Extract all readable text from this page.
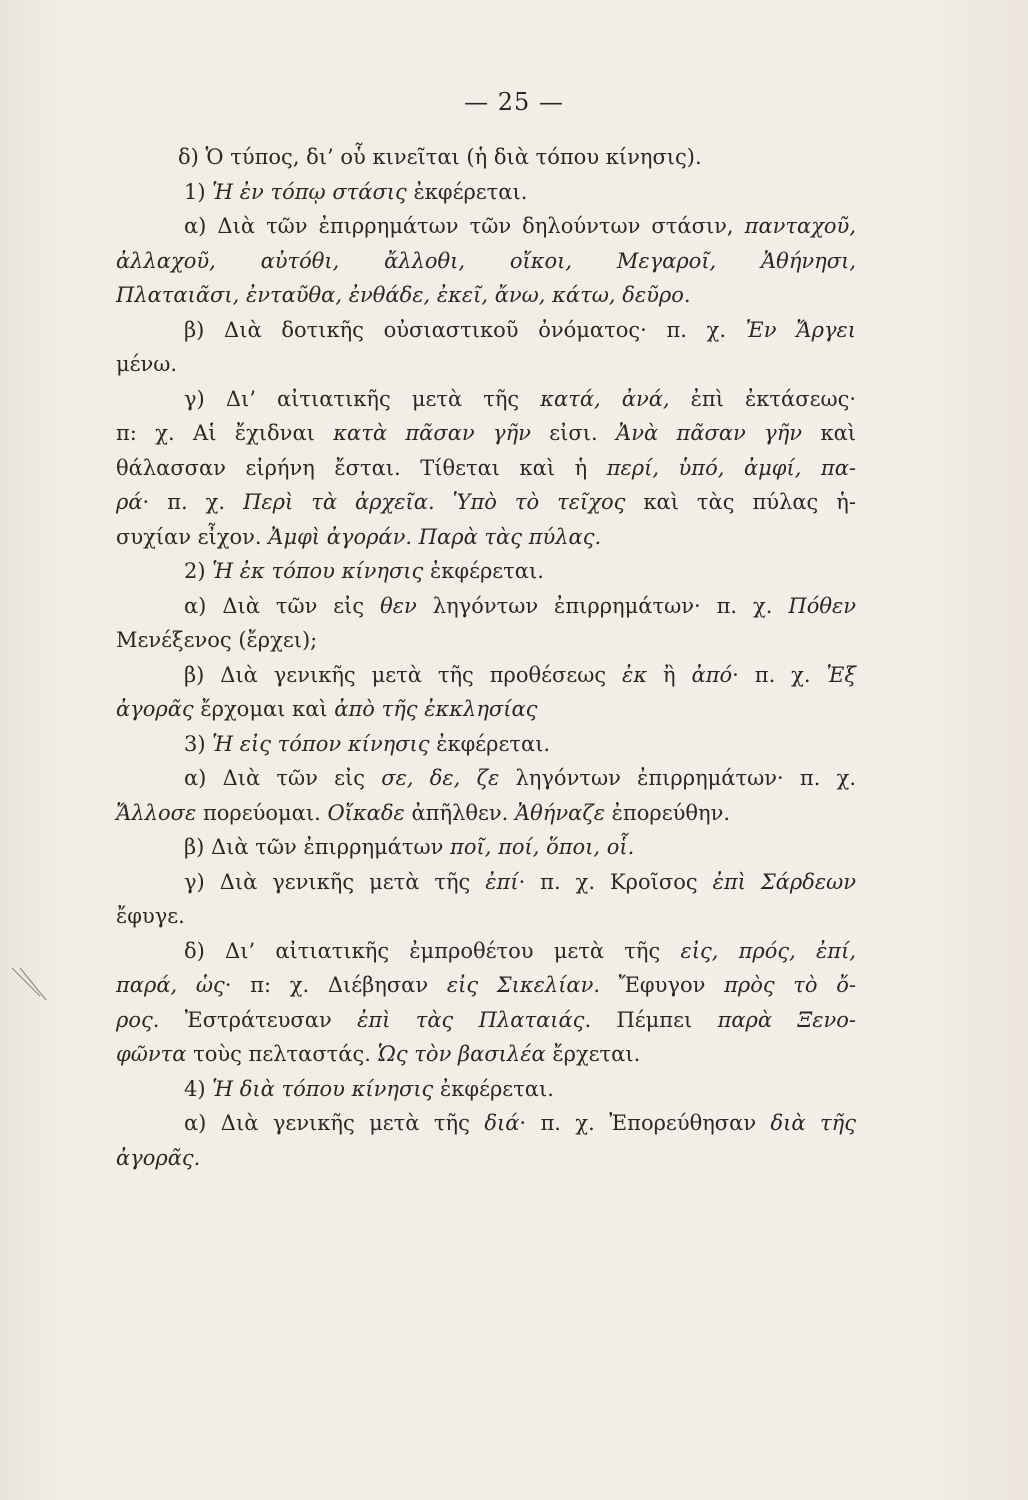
— 25 —
δ) Ὁ τύπος, δι’ οὗ κινεῖται (ἡ διὰ τόπου κίνησις).
1) Ἡ ἐν τόπῳ στάσις ἐκφέρεται.
α) Διὰ τῶν ἐπιρρημάτων τῶν δηλούντων στάσιν, πανταχοῦ,
ἀλλαχοῦ, αὐτόθι, ἄλλοθι, οἴκοι, Μεγαροῖ, Ἀθήνησι,
Πλαταιᾶσι, ἐνταῦθα, ἐνθάδε, ἐκεῖ, ἄνω, κάτω, δεῦρο.
β) Διὰ δοτικῆς οὐσιαστικοῦ ὀνόματος· π. χ. Ἐν Ἄργει
μένω.
γ) Δι’ αἰτιατικῆς μετὰ τῆς κατά, ἀνά, ἐπὶ ἐκτάσεως·
π: χ. Αἱ ἔχιδναι κατὰ πᾶσαν γῆν εἰσι. Ἀνὰ πᾶσαν γῆν καὶ
θάλασσαν εἰρήνη ἔσται. Τίθεται καὶ ἡ περί, ὑπό, ἀμφί, πα-
ρά· π. χ. Περὶ τὰ ἀρχεῖα. Ὑπὸ τὸ τεῖχος καὶ τὰς πύλας ἡ-
συχίαν εἶχον. Ἀμφὶ ἀγοράν. Παρὰ τὰς πύλας.
2) Ἡ ἐκ τόπου κίνησις ἐκφέρεται.
α) Διὰ τῶν εἰς θεν ληγόντων ἐπιρρημάτων· π. χ. Πόθεν
Μενέξενος (ἔρχει);
β) Διὰ γενικῆς μετὰ τῆς προθέσεως ἐκ ἢ ἀπό· π. χ. Ἐξ
ἀγορᾶς ἔρχομαι καὶ ἀπὸ τῆς ἐκκλησίας
3) Ἡ εἰς τόπον κίνησις ἐκφέρεται.
α) Διὰ τῶν εἰς σε, δε, ζε ληγόντων ἐπιρρημάτων· π. χ.
Ἄλλοσε πορεύομαι. Οἴκαδε ἀπῆλθεν. Ἀθήναζε ἐπορεύθην.
β) Διὰ τῶν ἐπιρρημάτων ποῖ, ποί, ὅποι, οἷ.
γ) Διὰ γενικῆς μετὰ τῆς ἐπί· π. χ. Κροῖσος ἐπὶ Σάρδεων
ἔφυγε.
δ) Δι’ αἰτιατικῆς ἐμπροθέτου μετὰ τῆς εἰς, πρός, ἐπί,
παρά, ὡς· π: χ. Διέβησαν εἰς Σικελίαν. Ἔφυγον πρὸς τὸ ὄ-
ρος. Ἐστράτευσαν ἐπὶ τὰς Πλαταιάς. Πέμπει παρὰ Ξενο-
φῶντα τοὺς πελταστάς. Ὡς τὸν βασιλέα ἔρχεται.
4) Ἡ διὰ τόπου κίνησις ἐκφέρεται.
α) Διὰ γενικῆς μετὰ τῆς διά· π. χ. Ἐπορεύθησαν διὰ τῆς
ἀγορᾶς.
